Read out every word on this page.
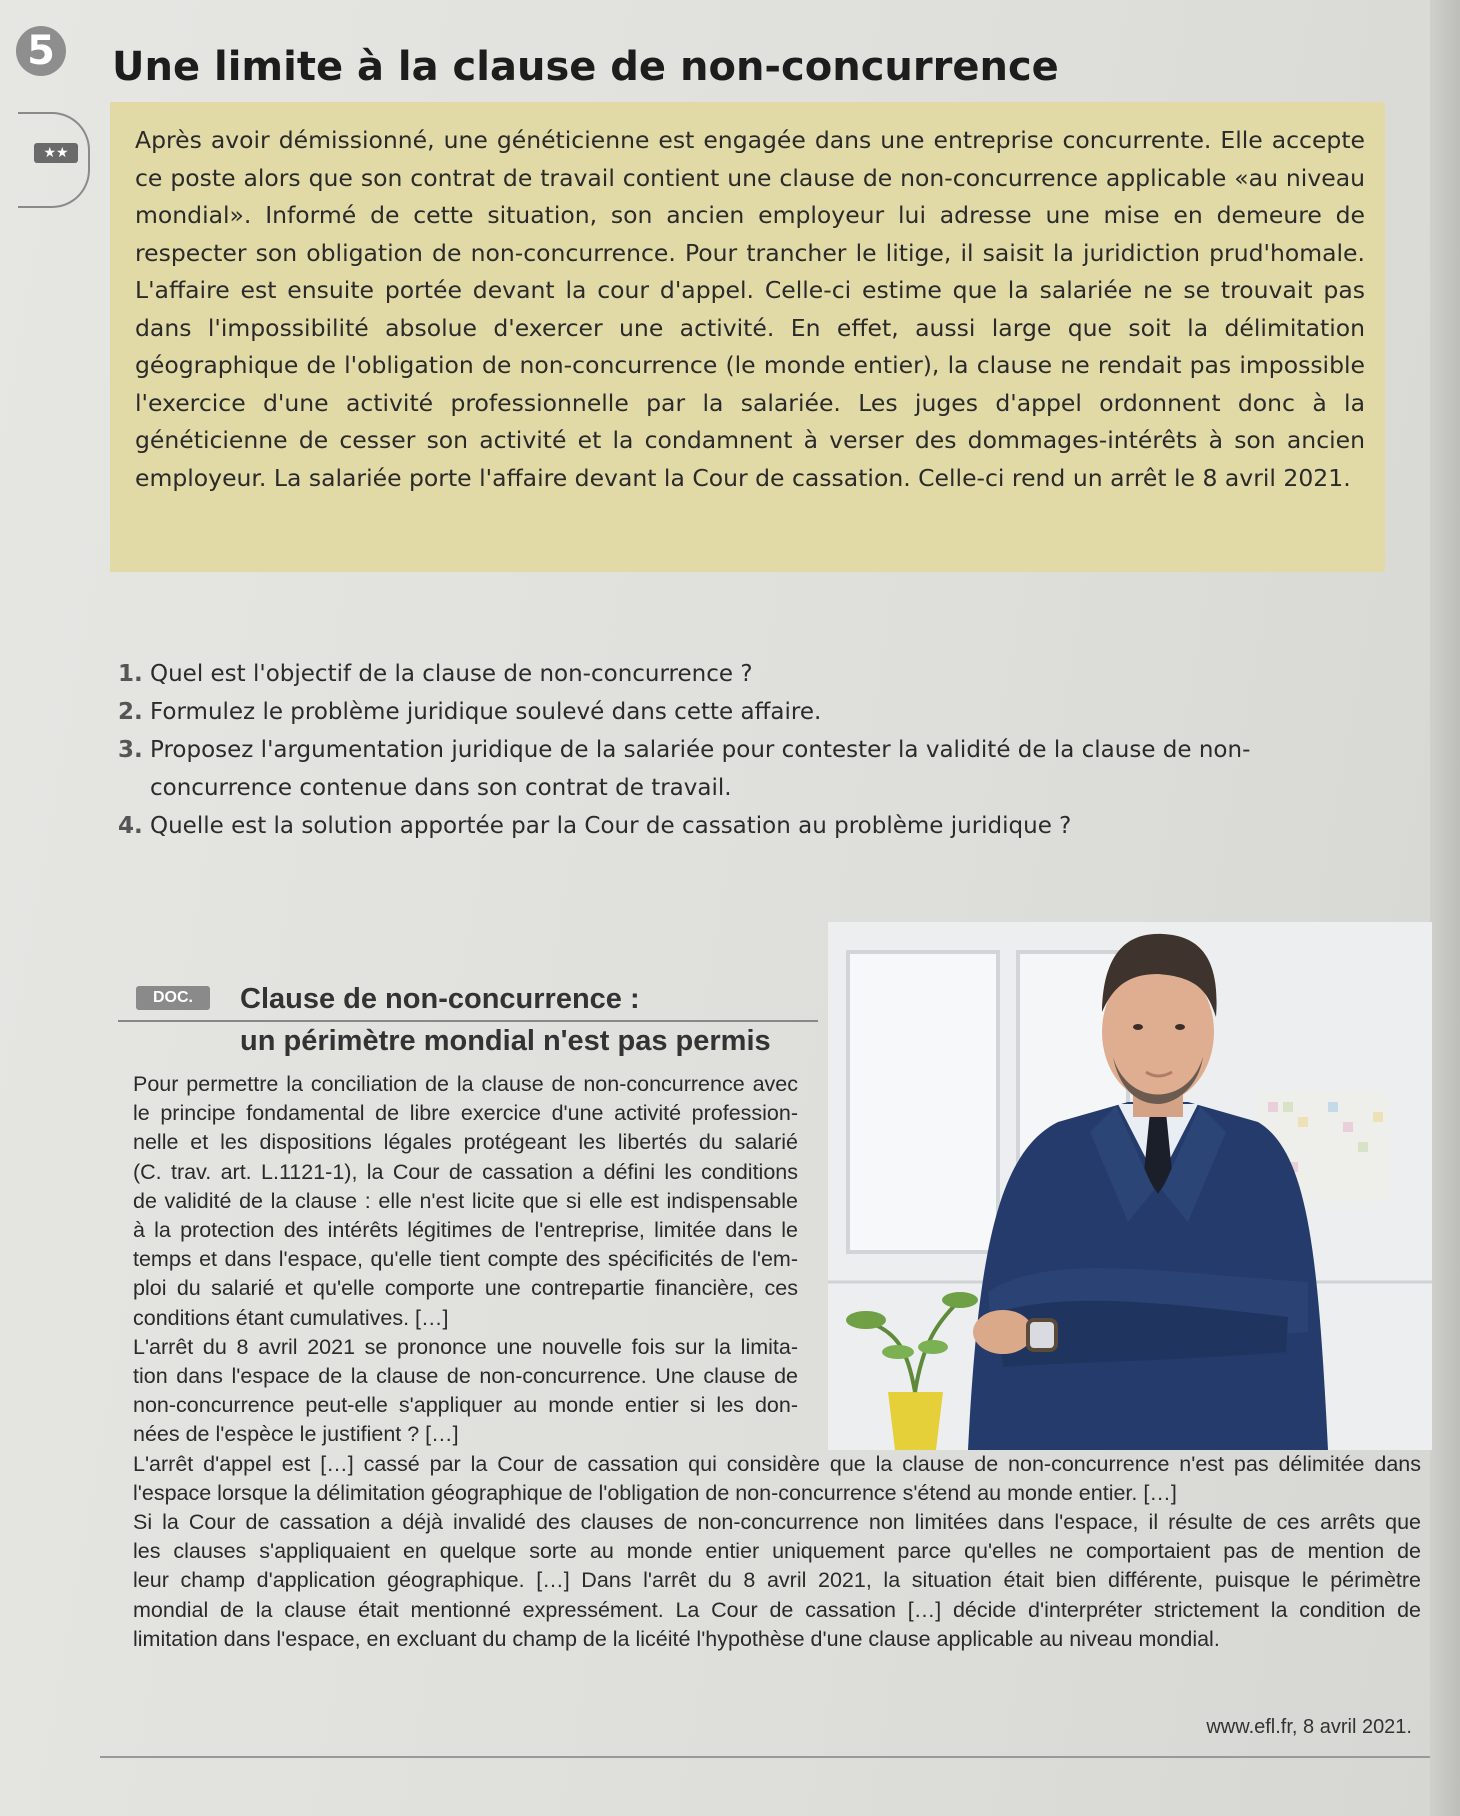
5 Une limite à la clause de non-concurrence
★★	Après avoir démissionné, une généticienne est engagée dans une entreprise concurrente. Elle accepte ce poste alors que son contrat de travail contient une clause de non-concurrence applicable «au niveau mondial». Informé de cette situation, son ancien employeur lui adresse une mise en demeure de respecter son obligation de non-concurrence. Pour trancher le litige, il saisit la juridiction prud'homale. L'affaire est ensuite portée devant la cour d'appel. Celle-ci estime que la salariée ne se trouvait pas dans l'impossibilité absolue d'exercer une activité. En effet, aussi large que soit la délimitation géographique de l'obligation de non-concurrence (le monde entier), la clause ne rendait pas impossible l'exercice d'une activité professionnelle par la salariée. Les juges d'appel ordonnent donc à la généticienne de cesser son activité et la condamnent à verser des dommages-intérêts à son ancien employeur. La salariée porte l'affaire devant la Cour de cassation. Celle-ci rend un arrêt le 8 avril 2021.

1. Quel est l'objectif de la clause de non-concurrence ?
2. Formulez le problème juridique soulevé dans cette affaire.
3. Proposez l'argumentation juridique de la salariée pour contester la validité de la clause de non-concurrence contenue dans son contrat de travail.
4. Quelle est la solution apportée par la Cour de cassation au problème juridique ?
DOC.	Clause de non-concurrence :
un périmètre mondial n'est pas permis
Pour permettre la conciliation de la clause de non-concurrence avec
le principe fondamental de libre exercice d'une activité profession-
nelle et les dispositions légales protégeant les libertés du salarié
(C. trav. art. L.1121-1), la Cour de cassation a défini les conditions
de validité de la clause : elle n'est licite que si elle est indispensable
à la protection des intérêts légitimes de l'entreprise, limitée dans le
temps et dans l'espace, qu'elle tient compte des spécificités de l'em-
ploi du salarié et qu'elle comporte une contrepartie financière, ces
conditions étant cumulatives. […]
L'arrêt du 8 avril 2021 se prononce une nouvelle fois sur la limita-
tion dans l'espace de la clause de non-concurrence. Une clause de
non-concurrence peut-elle s'appliquer au monde entier si les don-
nées de l'espèce le justifient ? […]
L'arrêt d'appel est […] cassé par la Cour de cassation qui considère que la clause de non-concurrence n'est pas délimitée dans
l'espace lorsque la délimitation géographique de l'obligation de non-concurrence s'étend au monde entier. […]
Si la Cour de cassation a déjà invalidé des clauses de non-concurrence non limitées dans l'espace, il résulte de ces arrêts que
les clauses s'appliquaient en quelque sorte au monde entier uniquement parce qu'elles ne comportaient pas de mention de
leur champ d'application géographique. […] Dans l'arrêt du 8 avril 2021, la situation était bien différente, puisque le périmètre
mondial de la clause était mentionné expressément. La Cour de cassation […] décide d'interpréter strictement la condition de
limitation dans l'espace, en excluant du champ de la licéité l'hypothèse d'une clause applicable au niveau mondial.

www.efl.fr, 8 avril 2021.
